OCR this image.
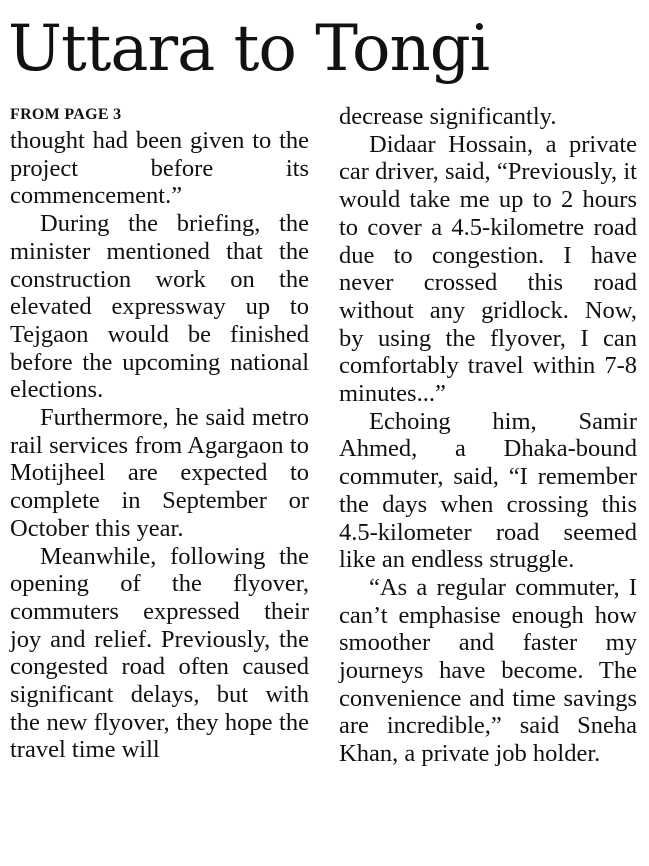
Uttara to Tongi
FROM PAGE 3

thought had been given to the project before its commencement.”

During the briefing, the minister mentioned that the construction work on the elevated expressway up to Tejgaon would be finished before the upcoming national elections.

Furthermore, he said metro rail services from Agargaon to Motijheel are expected to complete in September or October this year.

Meanwhile, following the opening of the flyover, commuters expressed their joy and relief. Previously, the congested road often caused significant delays, but with the new flyover, they hope the travel time will

decrease significantly.

Didaar Hossain, a private car driver, said, “Previously, it would take me up to 2 hours to cover a 4.5-kilometre road due to congestion. I have never crossed this road without any gridlock. Now, by using the flyover, I can comfortably travel within 7-8 minutes...”

Echoing him, Samir Ahmed, a Dhaka-bound commuter, said, “I remember the days when crossing this 4.5-kilometer road seemed like an endless struggle.

“As a regular commuter, I can’t emphasise enough how smoother and faster my journeys have become. The convenience and time savings are incredible,” said Sneha Khan, a private job holder.
